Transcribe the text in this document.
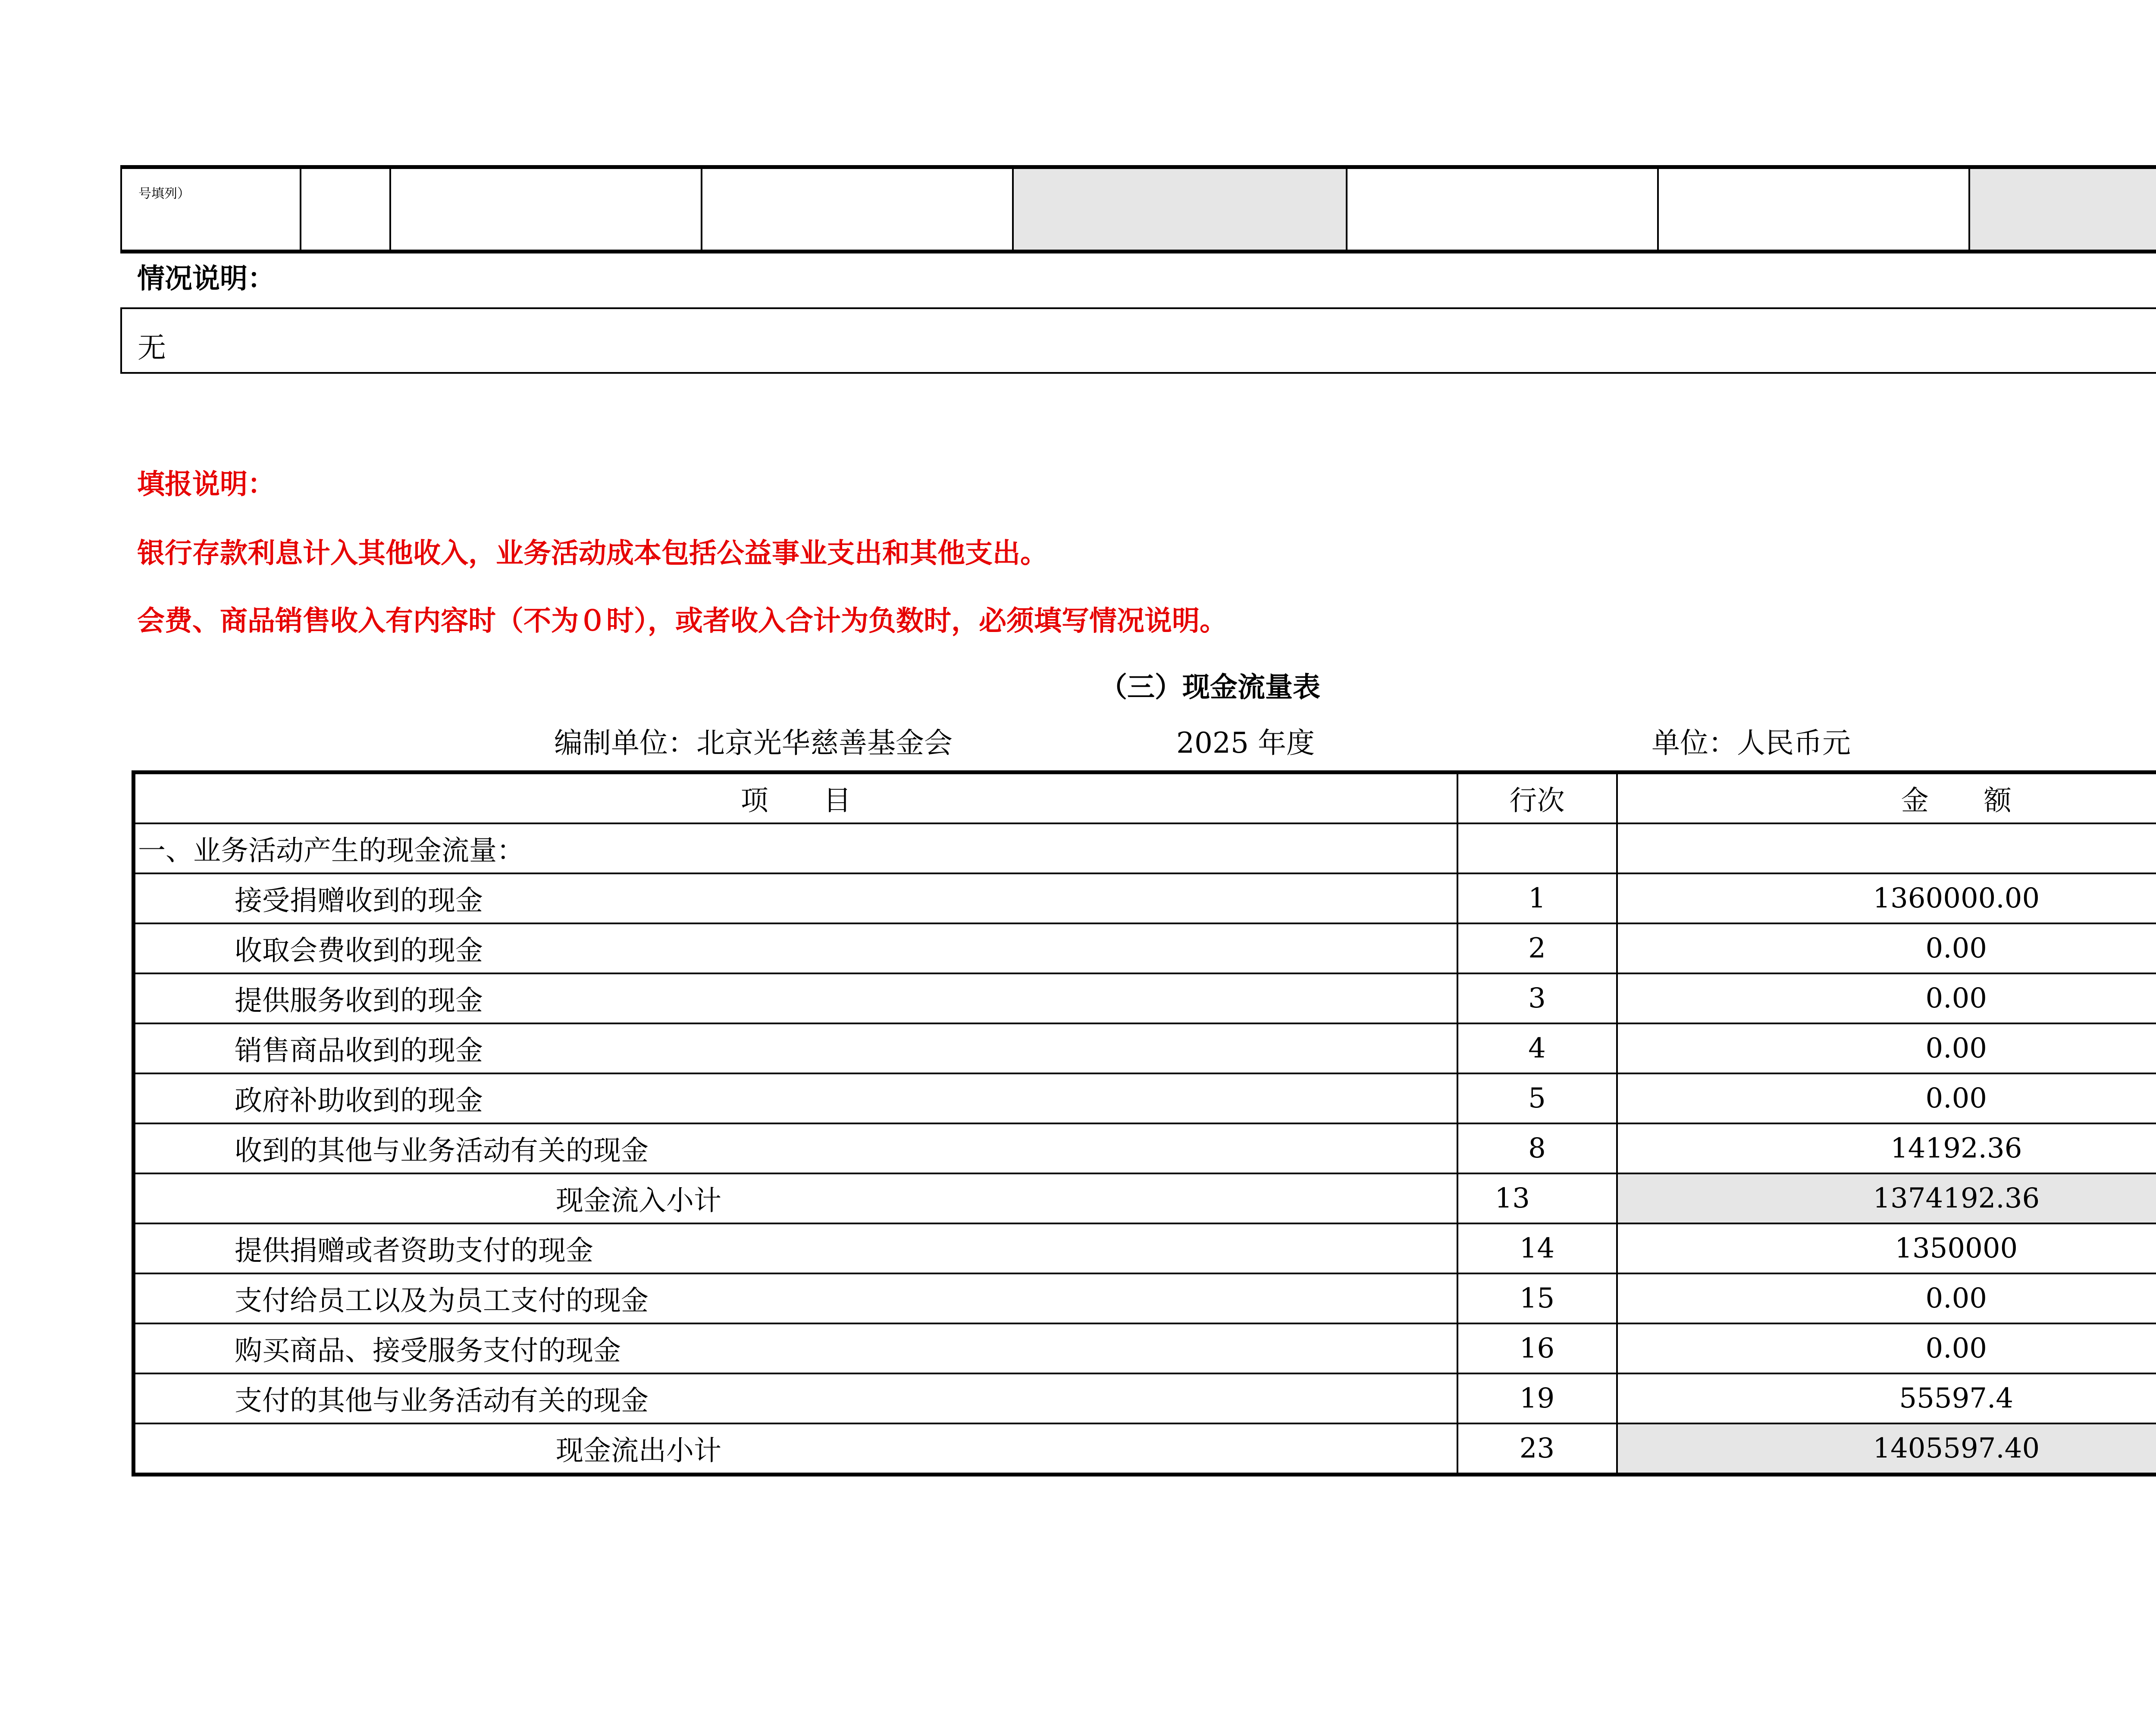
号填列）							
情况说明：
无
填报说明：
银行存款利息计入其他收入，业务活动成本包括公益事业支出和其他支出。
会费、商品销售收入有内容时（不为０时），或者收入合计为负数时，必须填写情况说明。
（三）现金流量表
编制单位：北京光华慈善基金会	2025 年度	单位：人民币元
项　　目	行次	金　　额
一、业务活动产生的现金流量：		
接受捐赠收到的现金	1	1360000.00
收取会费收到的现金	2	0.00
提供服务收到的现金	3	0.00
销售商品收到的现金	4	0.00
政府补助收到的现金	5	0.00
收到的其他与业务活动有关的现金	8	14192.36
现金流入小计	13	1374192.36
提供捐赠或者资助支付的现金	14	1350000
支付给员工以及为员工支付的现金	15	0.00
购买商品、接受服务支付的现金	16	0.00
支付的其他与业务活动有关的现金	19	55597.4
现金流出小计	23	1405597.40
